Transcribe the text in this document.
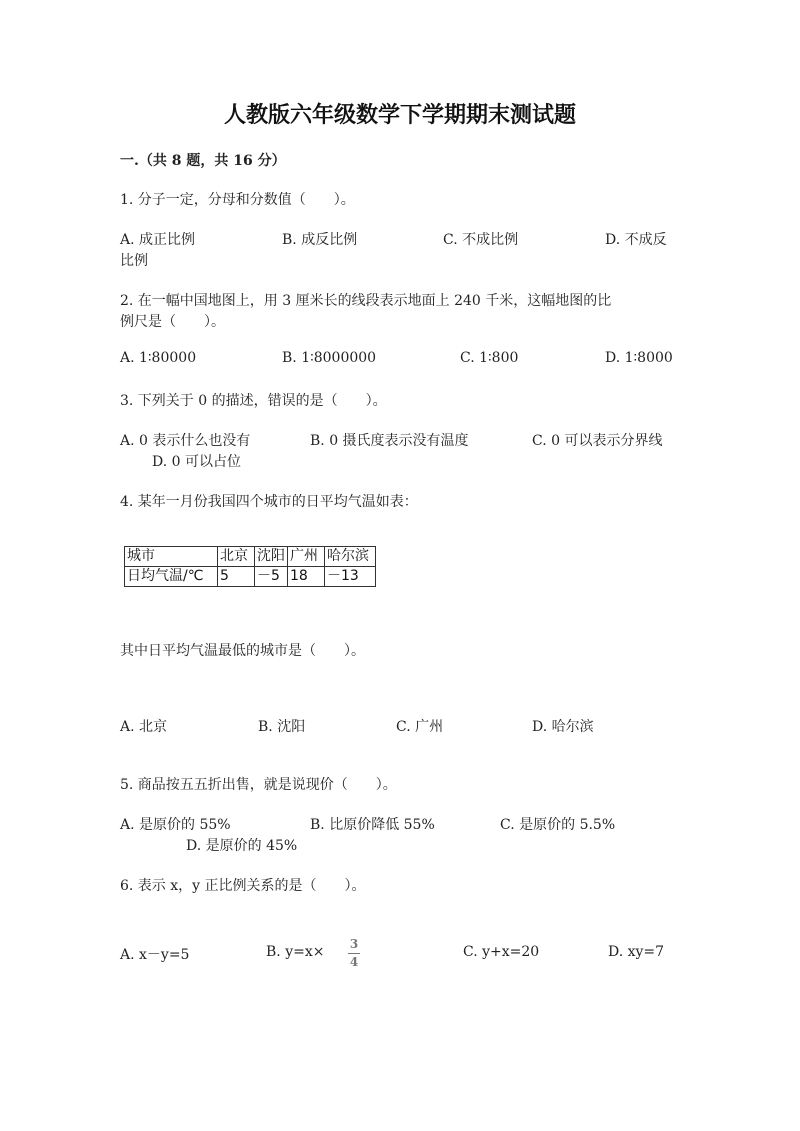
人教版六年级数学下学期期末测试题
一.（共 8 题，共 16 分）
1. 分子一定，分母和分数值（　　）。
A. 成正比例	B. 成反比例	C. 不成比例	D. 不成反
比例
2. 在一幅中国地图上，用 3 厘米长的线段表示地面上 240 千米，这幅地图的比
例尺是（　　）。
A. 1∶80000	B. 1∶8000000	C. 1∶800	D. 1∶8000
3. 下列关于 0 的描述，错误的是（　　）。
A. 0 表示什么也没有	B. 0 摄氏度表示没有温度	C. 0 可以表示分界线
D. 0 可以占位
4. 某年一月份我国四个城市的日平均气温如表：
城市	北京	沈阳	广州	哈尔滨
日均气温/℃	5	－5	18	－13
其中日平均气温最低的城市是（　　）。
A. 北京	B. 沈阳	C. 广州	D. 哈尔滨
5. 商品按五五折出售，就是说现价（　　）。
A. 是原价的 55%	B. 比原价降低 55%	C. 是原价的 5.5%
D. 是原价的 45%
6. 表示 x，y 正比例关系的是（　　）。
A. x－y=5	B. y=x× 3
4
C. y+x=20	D. xy=7
